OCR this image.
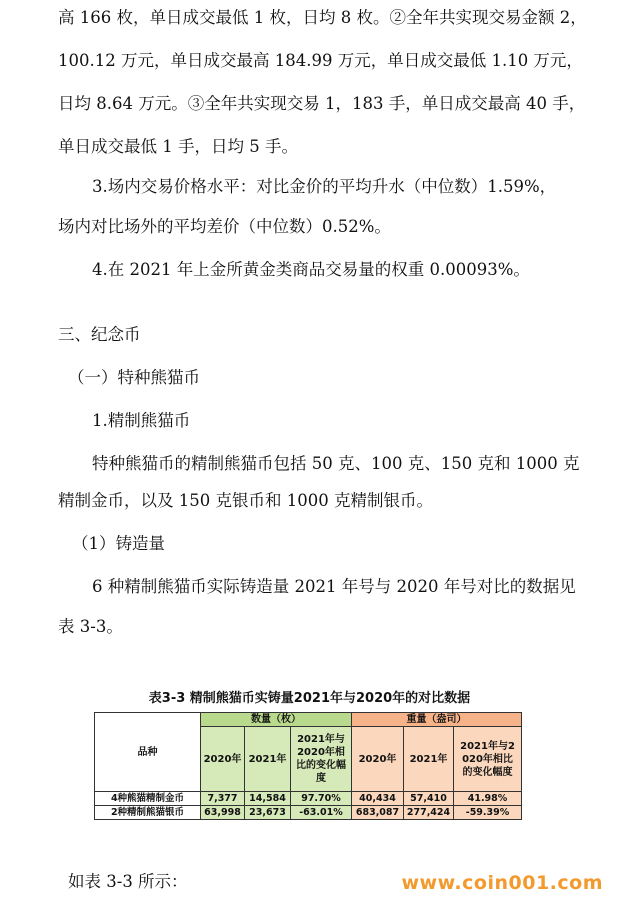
高 166 枚，单日成交最低 1 枚，日均 8 枚。②全年共实现交易金额 2，
100.12 万元，单日成交最高 184.99 万元，单日成交最低 1.10 万元，
日均 8.64 万元。③全年共实现交易 1，183 手，单日成交最高 40 手，
单日成交最低 1 手，日均 5 手。
3.场内交易价格水平：对比金价的平均升水（中位数）1.59%，
场内对比场外的平均差价（中位数）0.52%。
4.在 2021 年上金所黄金类商品交易量的权重 0.00093%。
三、纪念币
（一）特种熊猫币
1.精制熊猫币
特种熊猫币的精制熊猫币包括 50 克、100 克、150 克和 1000 克
精制金币，以及 150 克银币和 1000 克精制银币。
（1）铸造量
6 种精制熊猫币实际铸造量 2021 年号与 2020 年号对比的数据见
表 3-3。
表3-3 精制熊猫币实铸量2021年与2020年的对比数据
品种	数量（枚）			重量（盎司）		
	2020年	2021年	2021年与2020年相比的变化幅度	2020年	2021年	2021年与2020年相比的变化幅度
4种熊猫精制金币	7,377	14,584	97.70%	40,434	57,410	41.98%
2种精制熊猫银币	63,998	23,673	-63.01%	683,087	277,424	-59.39%
如表 3-3 所示：	www.coin001.com
